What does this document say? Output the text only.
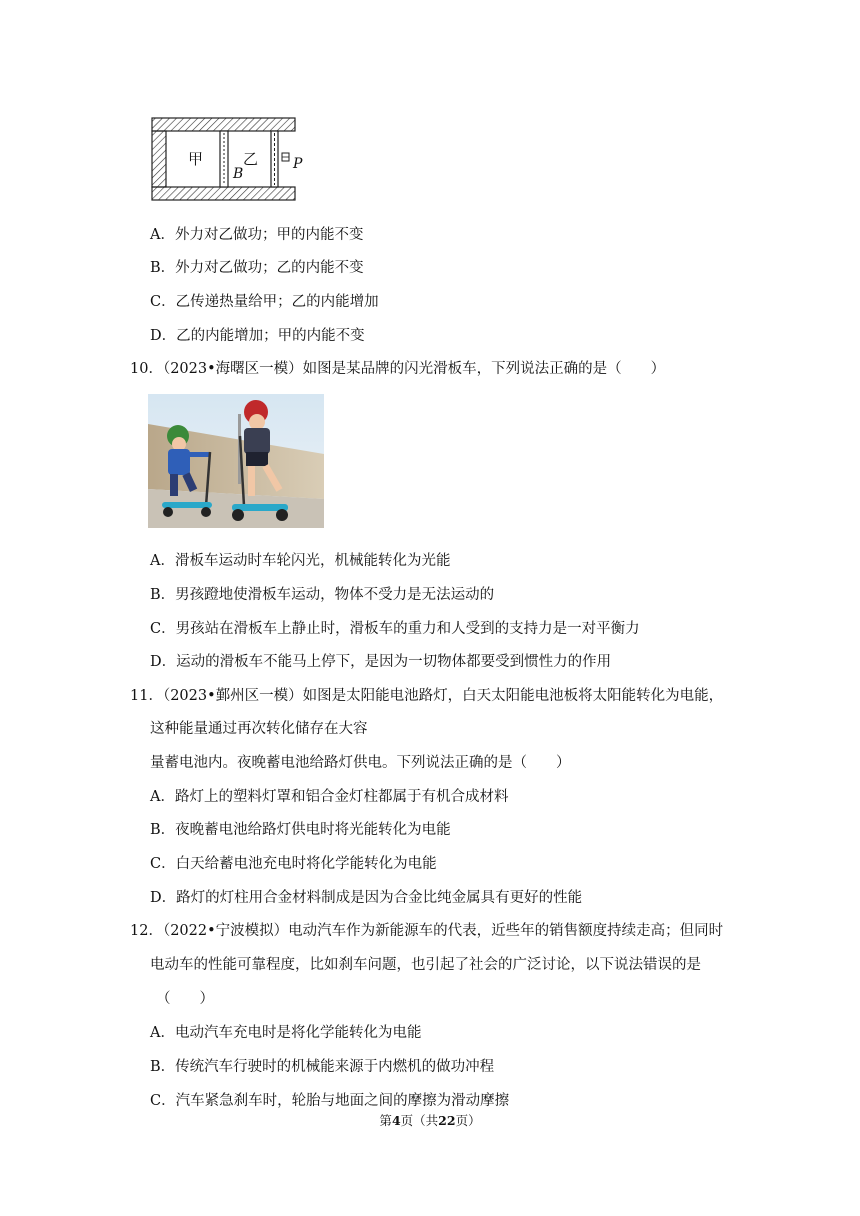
甲	乙
B
P
A．外力对乙做功；甲的内能不变
B．外力对乙做功；乙的内能不变
C．乙传递热量给甲；乙的内能增加
D．乙的内能增加；甲的内能不变
10．（2023•海曙区一模）如图是某品牌的闪光滑板车，下列说法正确的是（　　）
A．滑板车运动时车轮闪光，机械能转化为光能
B．男孩蹬地使滑板车运动，物体不受力是无法运动的
C．男孩站在滑板车上静止时，滑板车的重力和人受到的支持力是一对平衡力
D．运动的滑板车不能马上停下，是因为一切物体都要受到惯性力的作用
11．（2023•鄞州区一模）如图是太阳能电池路灯，白天太阳能电池板将太阳能转化为电能，
这种能量通过再次转化储存在大容
量蓄电池内。夜晚蓄电池给路灯供电。下列说法正确的是（　　）
A．路灯上的塑料灯罩和铝合金灯柱都属于有机合成材料
B．夜晚蓄电池给路灯供电时将光能转化为电能
C．白天给蓄电池充电时将化学能转化为电能
D．路灯的灯柱用合金材料制成是因为合金比纯金属具有更好的性能
12．（2022•宁波模拟）电动汽车作为新能源车的代表，近些年的销售额度持续走高；但同时
电动车的性能可靠程度，比如刹车问题，也引起了社会的广泛讨论，以下说法错误的是
（　　）
A．电动汽车充电时是将化学能转化为电能
B．传统汽车行驶时的机械能来源于内燃机的做功冲程
C．汽车紧急刹车时，轮胎与地面之间的摩擦为滑动摩擦
第4页（共22页）
